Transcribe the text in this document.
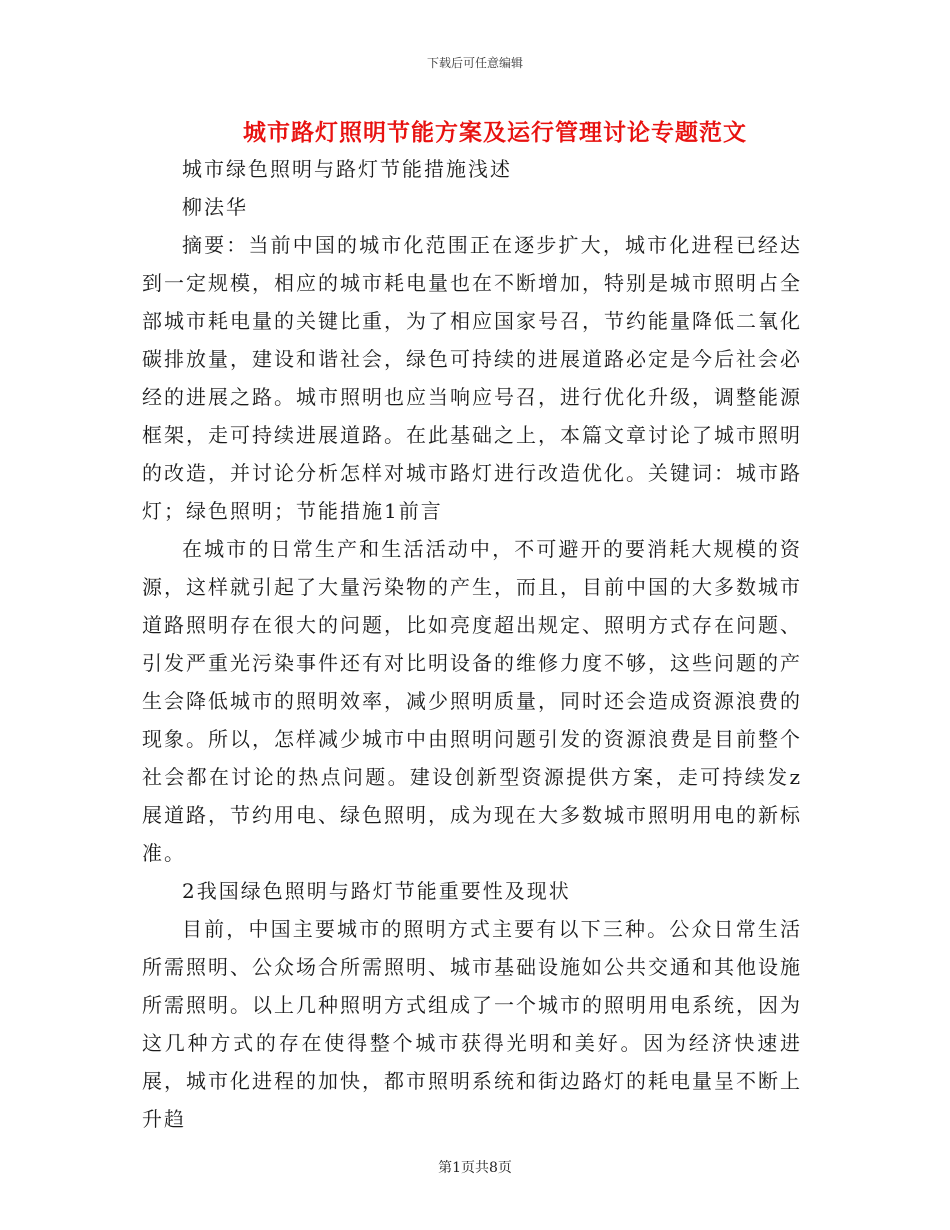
下载后可任意编辑
城市路灯照明节能方案及运行管理讨论专题范文

城市绿色照明与路灯节能措施浅述

柳法华

摘要：当前中国的城市化范围正在逐步扩大，城市化进程已经达到一定规模，相应的城市耗电量也在不断增加，特别是城市照明占全部城市耗电量的关键比重，为了相应国家号召，节约能量降低二氧化碳排放量，建设和谐社会，绿色可持续的进展道路必定是今后社会必经的进展之路。城市照明也应当响应号召，进行优化升级，调整能源框架，走可持续进展道路。在此基础之上，本篇文章讨论了城市照明的改造，并讨论分析怎样对城市路灯进行改造优化。关键词：城市路灯；绿色照明；节能措施1前言

在城市的日常生产和生活活动中，不可避开的要消耗大规模的资源，这样就引起了大量污染物的产生，而且，目前中国的大多数城市道路照明存在很大的问题，比如亮度超出规定、照明方式存在问题、引发严重光污染事件还有对比明设备的维修力度不够，这些问题的产生会降低城市的照明效率，减少照明质量，同时还会造成资源浪费的现象。所以，怎样减少城市中由照明问题引发的资源浪费是目前整个社会都在讨论的热点问题。建设创新型资源提供方案，走可持续发z展道路，节约用电、绿色照明，成为现在大多数城市照明用电的新标准。

2我国绿色照明与路灯节能重要性及现状

目前，中国主要城市的照明方式主要有以下三种。公众日常生活所需照明、公众场合所需照明、城市基础设施如公共交通和其他设施所需照明。以上几种照明方式组成了一个城市的照明用电系统，因为这几种方式的存在使得整个城市获得光明和美好。因为经济快速进展，城市化进程的加快，都市照明系统和街边路灯的耗电量呈不断上升趋

第1页共8页
